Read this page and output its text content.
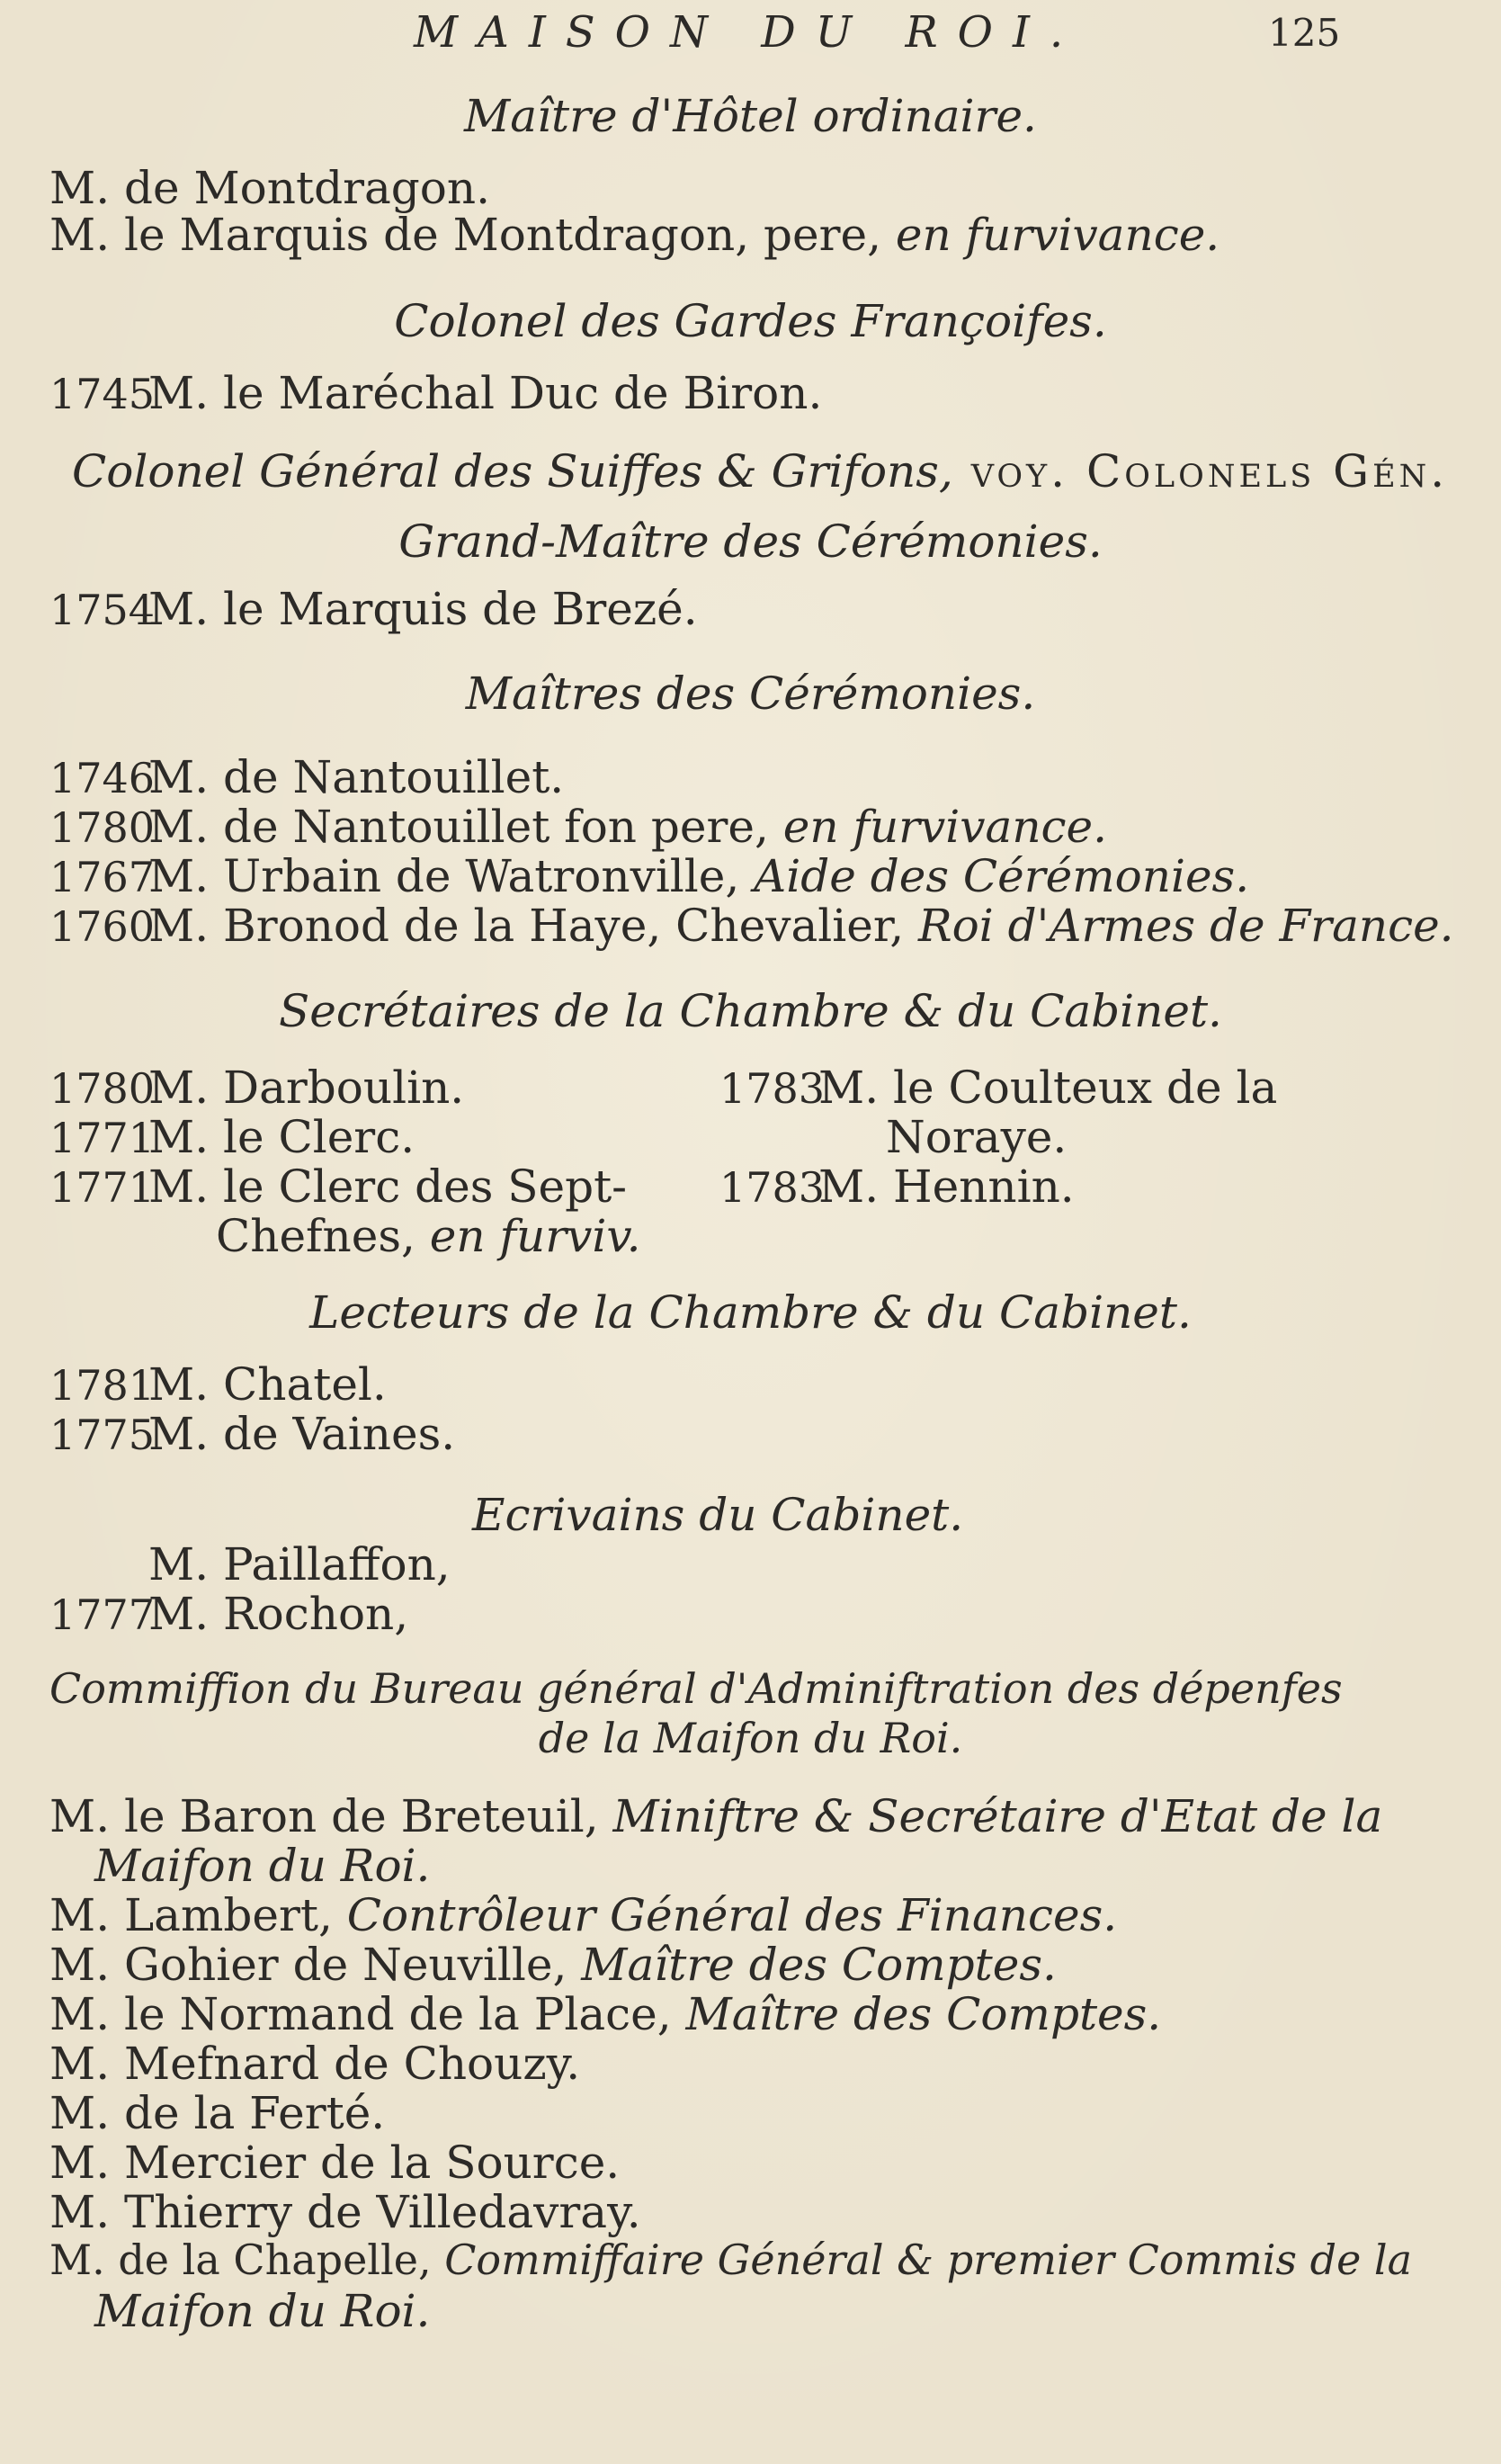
MAISON DU ROI.	125
Maître d'Hôtel ordinaire.
M. de Montdragon.
M. le Marquis de Montdragon, pere, en furvivance.
Colonel des Gardes Françoifes.
1745M. le Maréchal Duc de Biron.
Colonel Général des Suiffes & Grifons, voy. Colonels Gén.
Grand-Maître des Cérémonies.
1754M. le Marquis de Brezé.
Maîtres des Cérémonies.
1746M. de Nantouillet.
1780M. de Nantouillet fon pere, en furvivance.
1767M. Urbain de Watronville, Aide des Cérémonies.
1760M. Bronod de la Haye, Chevalier, Roi d'Armes de France.
Secrétaires de la Chambre & du Cabinet.
1780M. Darboulin.
1771M. le Clerc.
1771M. le Clerc des Sept-
Chefnes, en furviv.
1783M. le Coulteux de la
Noraye.
1783M. Hennin.
Lecteurs de la Chambre & du Cabinet.
1781M. Chatel.
1775M. de Vaines.
Ecrivains du Cabinet.
M. Paillaffon,
1777M. Rochon,
Commiffion du Bureau général d'Adminiftration des dépenfes
de la Maifon du Roi.
M. le Baron de Breteuil, Miniftre & Secrétaire d'Etat de la
Maifon du Roi.
M. Lambert, Contrôleur Général des Finances.
M. Gohier de Neuville, Maître des Comptes.
M. le Normand de la Place, Maître des Comptes.
M. Mefnard de Chouzy.
M. de la Ferté.
M. Mercier de la Source.
M. Thierry de Villedavray.
M. de la Chapelle, Commiffaire Général & premier Commis de la
Maifon du Roi.
